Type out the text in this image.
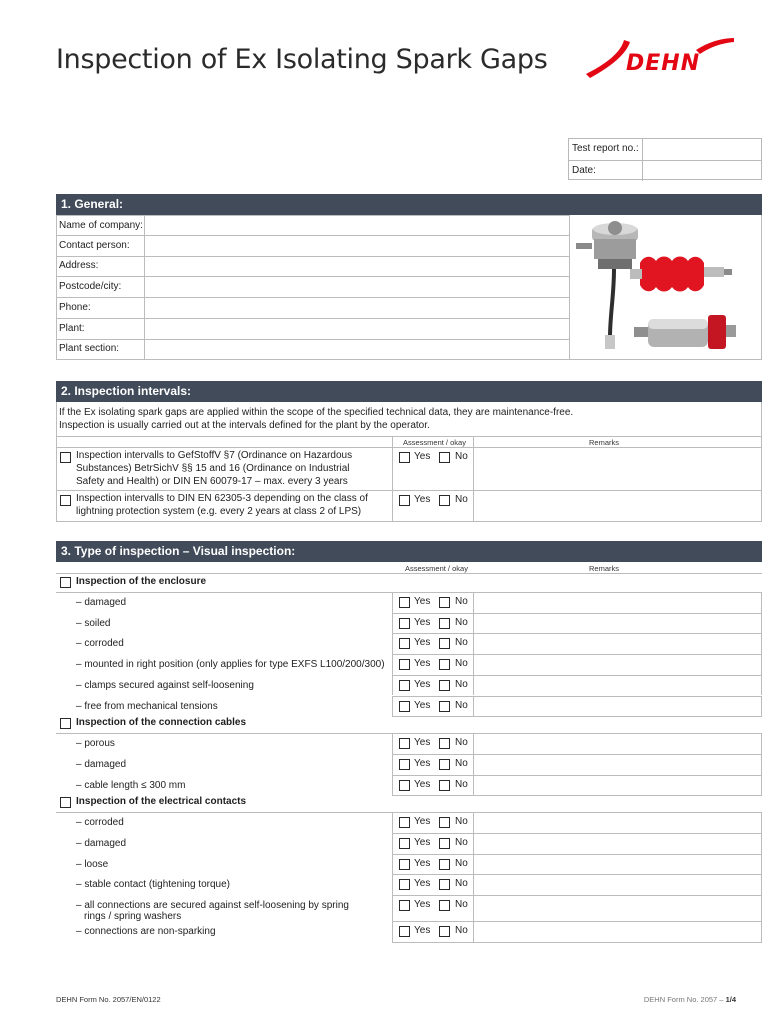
Inspection of Ex Isolating Spark Gaps	DEHN
Test report no.:
Date:
1. General:
Name of company:
Contact person:
Address:
Postcode/city:
Phone:
Plant:
Plant section:
2. Inspection intervals:
If the Ex isolating spark gaps are applied within the scope of the specified technical data, they are maintenance-free.
Inspection is usually carried out at the intervals defined for the plant by the operator.
Assessment / okay	Remarks
Inspection intervalls to GefStoffV §7 (Ordinance on Hazardous
Substances) BetrSichV §§ 15 and 16 (Ordinance on Industrial
Safety and Health) or DIN EN 60079-17 – max. every 3 years
Yes No
Inspection intervalls to DIN EN 62305-3 depending on the class of
lightning protection system (e.g. every 2 years at class 2 of LPS)
Yes No
3. Type of inspection – Visual inspection:
Assessment / okay	Remarks
Inspection of the enclosure
– damaged	Yes No
– soiled	Yes No
– corroded	Yes No
– mounted in right position (only applies for type EXFS L100/200/300)	Yes No
– clamps secured against self-loosening	Yes No
– free from mechanical tensions	Yes No
Inspection of the connection cables
– porous	Yes No
– damaged	Yes No
– cable length ≤ 300 mm	Yes No
Inspection of the electrical contacts
– corroded	Yes No
– damaged	Yes No
– loose	Yes No
– stable contact (tightening torque)	Yes No
– all connections are secured against self-loosening by spring
rings / spring washers
Yes No
– connections are non-sparking	Yes No
DEHN Form No. 2057/EN/0122	DEHN Form No. 2057 – 1/4
